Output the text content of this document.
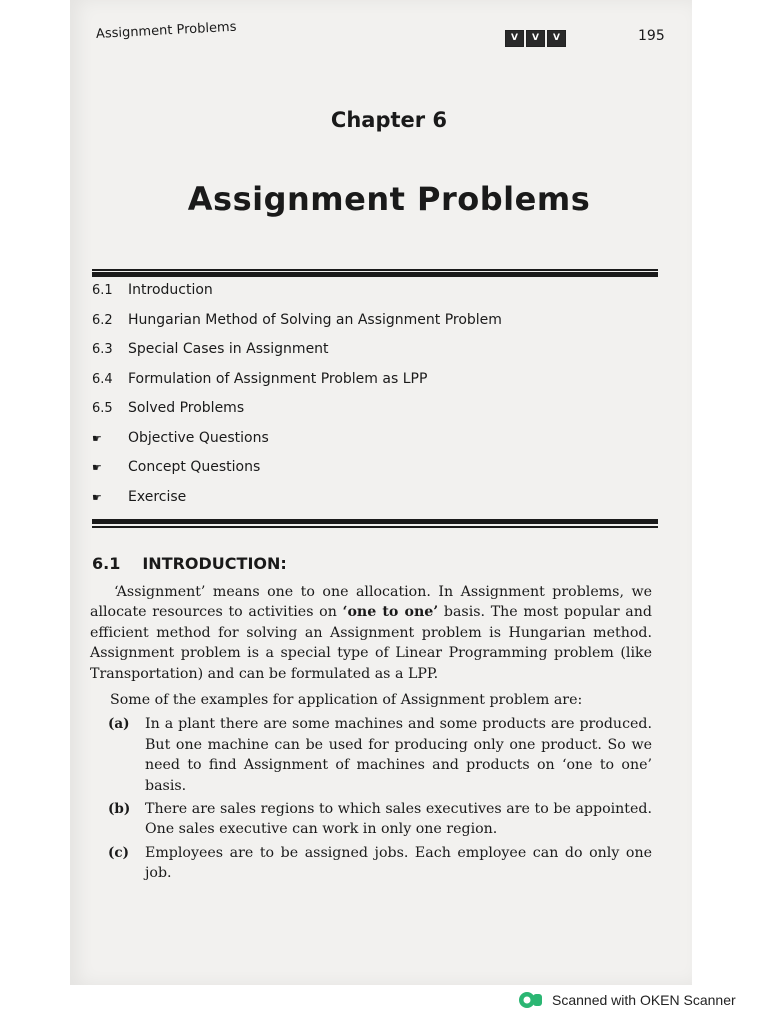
Assignment Problems	V	V	V	195
Chapter 6
Assignment Problems
6.1	Introduction
6.2	Hungarian Method of Solving an Assignment Problem
6.3	Special Cases in Assignment
6.4	Formulation of Assignment Problem as LPP
6.5	Solved Problems
☛	Objective Questions
☛	Concept Questions
☛	Exercise
6.1 INTRODUCTION:

‘Assignment’ means one to one allocation. In Assignment problems, we allocate resources to activities on ‘one to one’ basis. The most popular and efficient method for solving an Assignment problem is Hungarian method. Assignment problem is a special type of Linear Programming problem (like Transportation) and can be formulated as a LPP.

Some of the examples for application of Assignment problem are:

(a)	In a plant there are some machines and some products are produced. But one machine can be used for producing only one product. So we need to find Assignment of machines and products on ‘one to one’ basis.
(b)	There are sales regions to which sales executives are to be appointed. One sales executive can work in only one region.
(c)	Employees are to be assigned jobs. Each employee can do only one job.
Scanned with OKEN Scanner
